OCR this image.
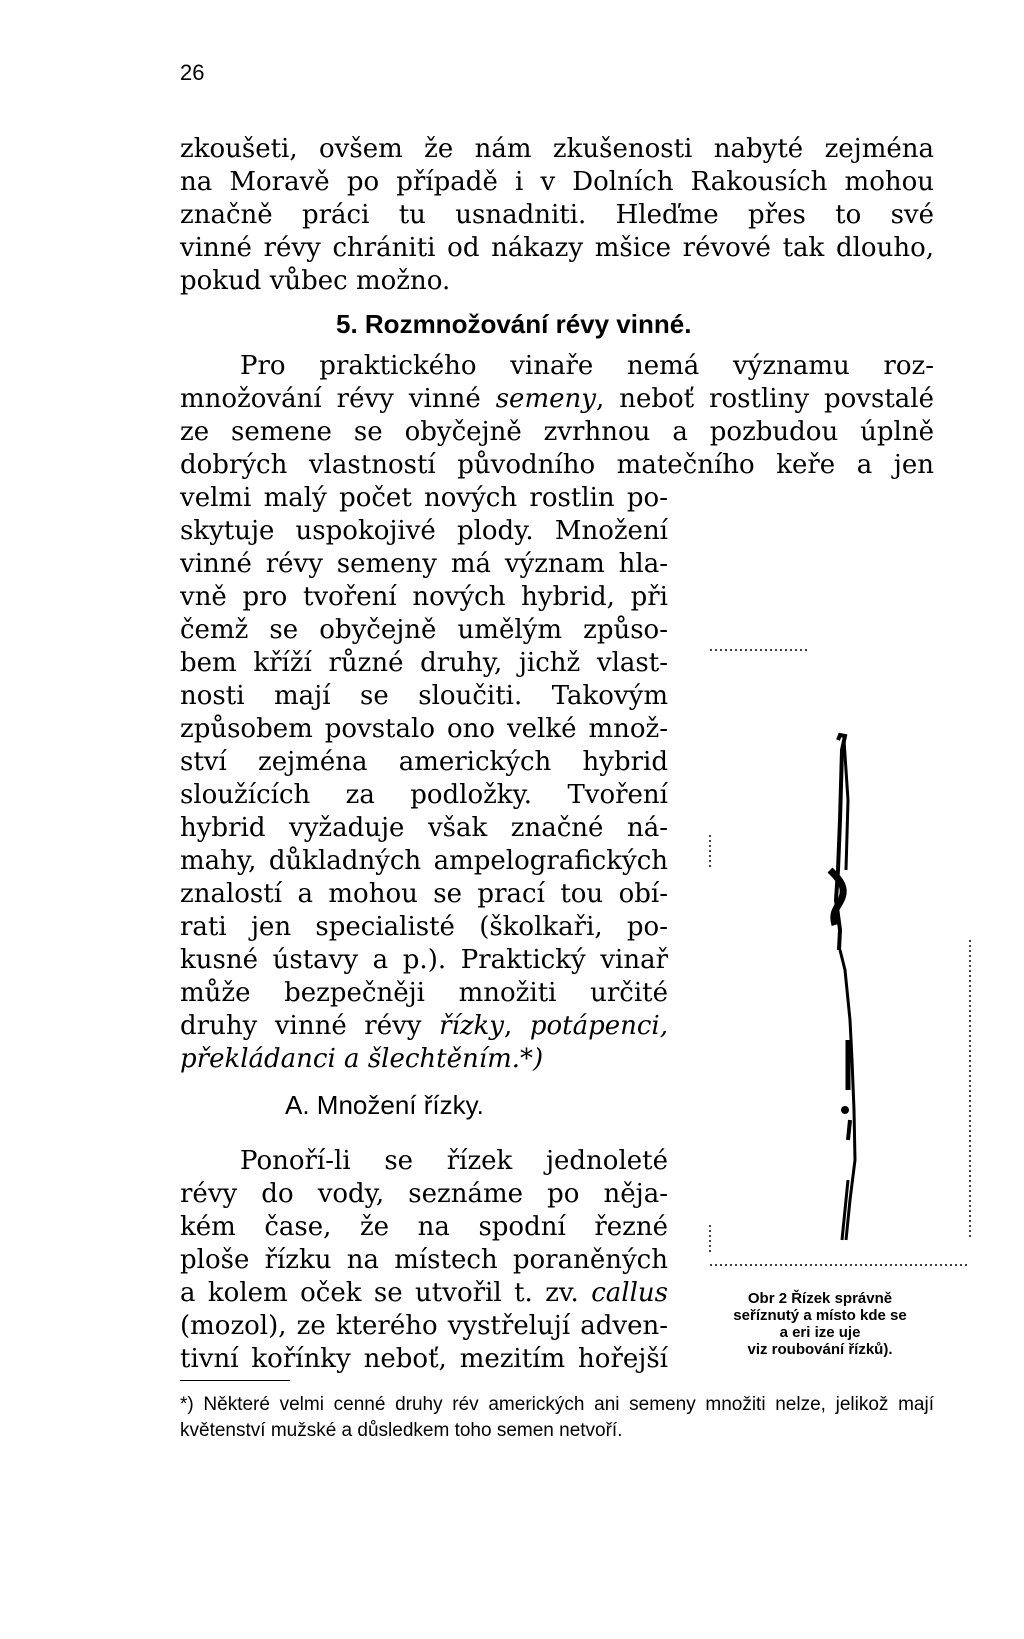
26
zkoušeti, ovšem že nám zkušenosti nabyté zejména
na Moravě po případě i v Dolních Rakousích mohou
značně práci tu usnadniti. Hleďme přes to své
vinné révy chrániti od nákazy mšice révové tak dlouho,
pokud vůbec možno.
5. Rozmnožování révy vinné.
Pro praktického vinaře nemá významu roz-
množování révy vinné semeny, neboť rostliny povstalé
ze semene se obyčejně zvrhnou a pozbudou úplně
dobrých vlastností původního matečního keře a jen
velmi malý počet nových rostlin po-
skytuje uspokojivé plody. Množení
vinné révy semeny má význam hla-
vně pro tvoření nových hybrid, při
čemž se obyčejně umělým způso-
bem kříží různé druhy, jichž vlast-
nosti mají se sloučiti. Takovým
způsobem povstalo ono velké množ-
ství zejména amerických hybrid
sloužících za podložky. Tvoření
hybrid vyžaduje však značné ná-
mahy, důkladných ampelografických
znalostí a mohou se prací tou obí-
rati jen specialisté (školkaři, po-
kusné ústavy a p.). Praktický vinař
může bezpečněji množiti určité
druhy vinné révy řízky, potápenci,
překládanci a šlechtěním.*)
A. Množení řízky.
Ponoří-li se řízek jednoleté
révy do vody, seznáme po něja-
kém čase, že na spodní řezné
ploše řízku na místech poraněných
a kolem oček se utvořil t. zv. callus
(mozol), ze kterého vystřelují adven-
tivní kořínky neboť, mezitím hořejší
Obr 2 Řízek správně
seříznutý a místo kde se
a eri ize uje
viz roubování řízků).
*) Některé velmi cenné druhy rév amerických ani semeny množiti nelze, jelikož mají květenství mužské a důsledkem toho semen netvoří.
